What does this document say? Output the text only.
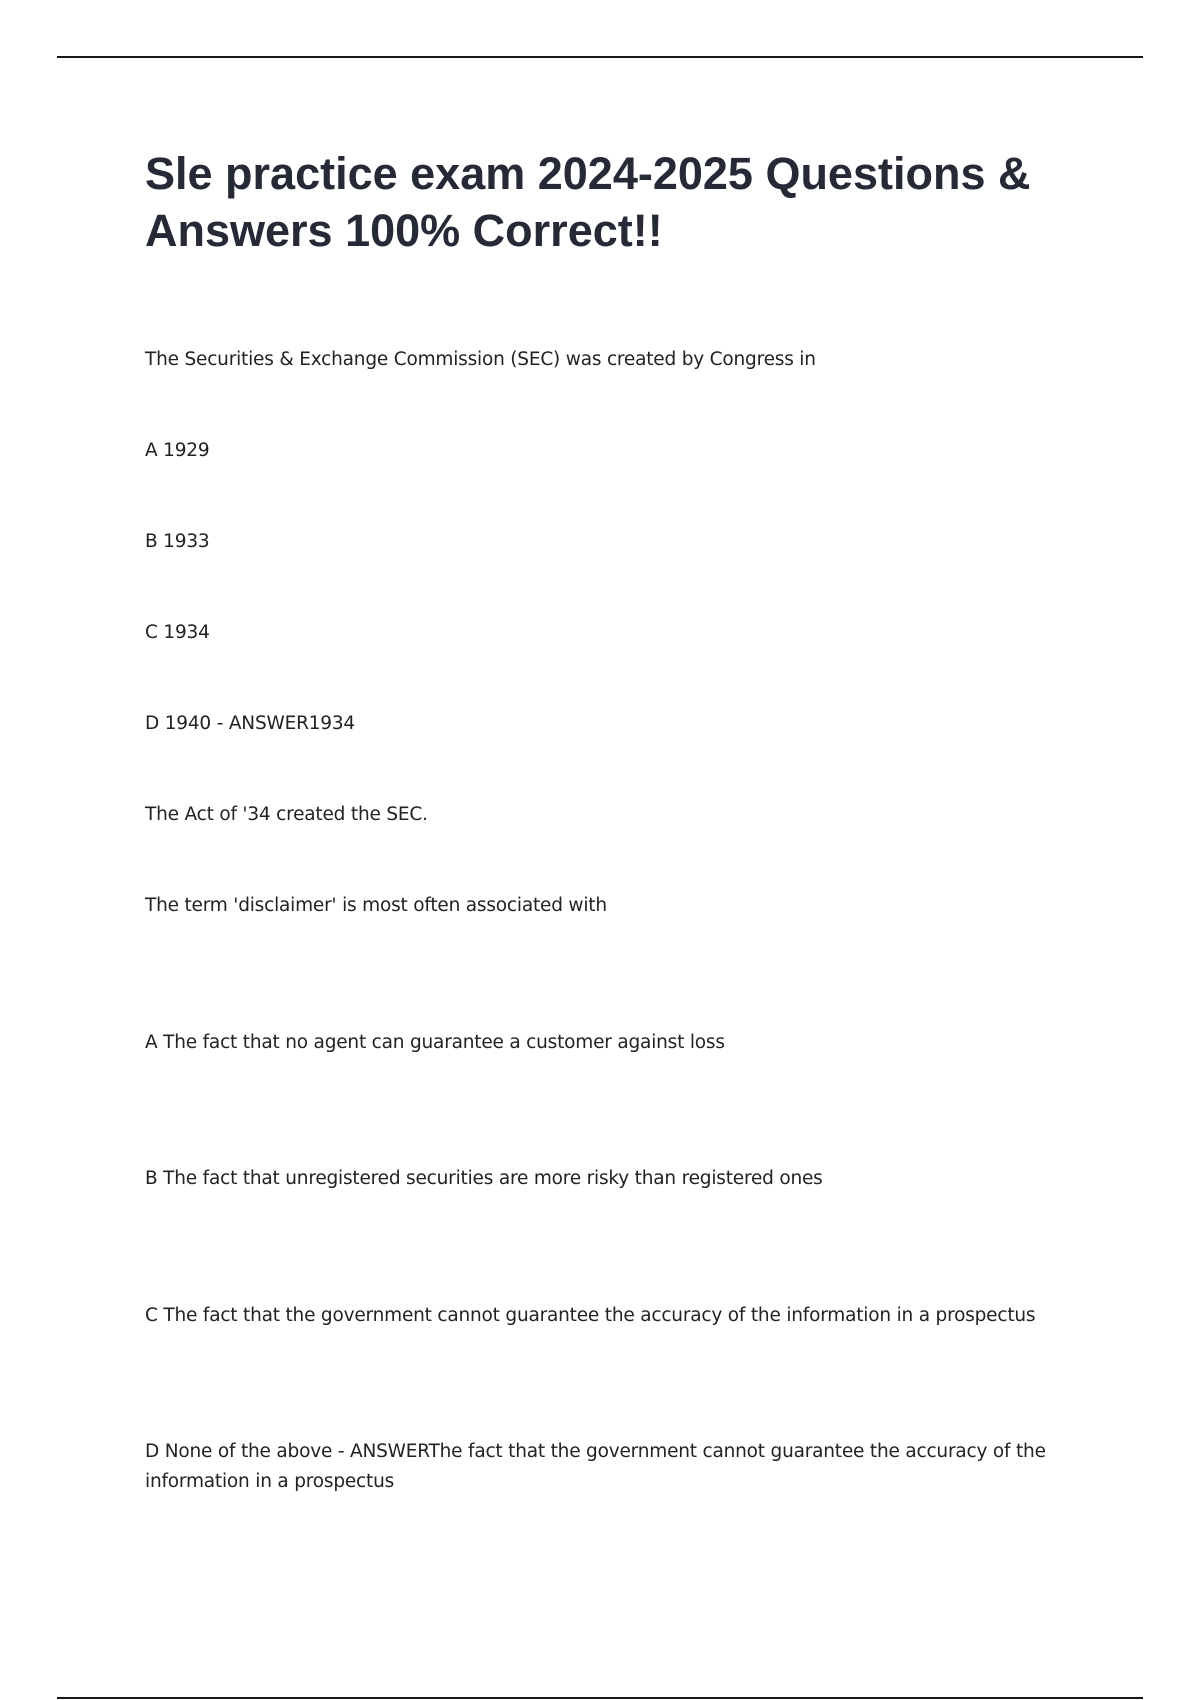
Sle practice exam 2024-2025 Questions & Answers 100% Correct!!

The Securities & Exchange Commission (SEC) was created by Congress in

A 1929

B 1933

C 1934

D 1940 - ANSWER1934

The Act of '34 created the SEC.

The term 'disclaimer' is most often associated with

A The fact that no agent can guarantee a customer against loss

B The fact that unregistered securities are more risky than registered ones

C The fact that the government cannot guarantee the accuracy of the information in a prospectus

D None of the above - ANSWERThe fact that the government cannot guarantee the accuracy of the information in a prospectus
